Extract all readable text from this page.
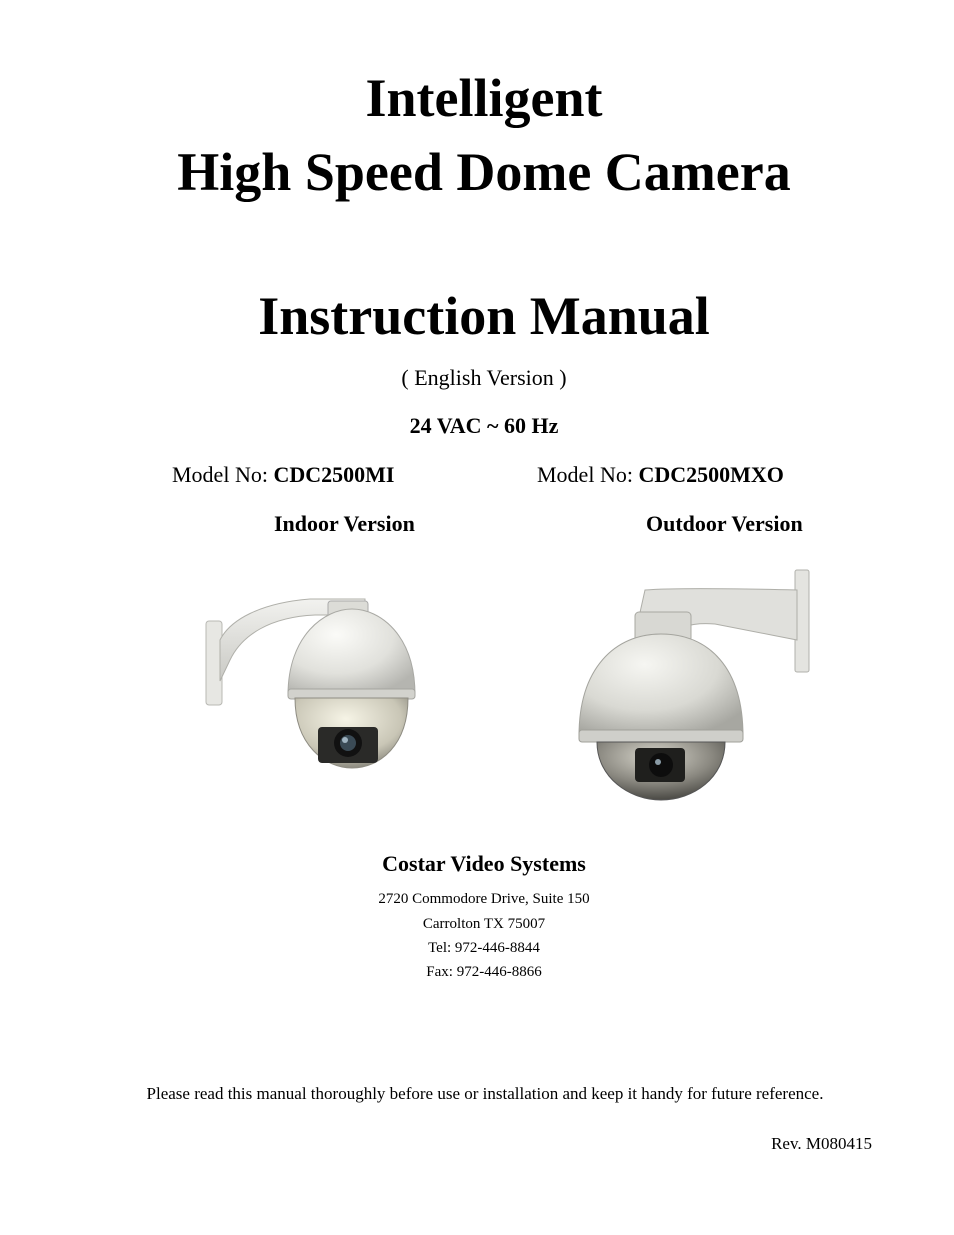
Intelligent
High Speed Dome Camera
Instruction Manual
( English Version )
24 VAC ~ 60 Hz
Model No: CDC2500MI	Model No: CDC2500MXO
Indoor Version	Outdoor Version
Costar Video Systems
2720 Commodore Drive, Suite 150
Carrolton TX 75007
Tel: 972-446-8844
Fax: 972-446-8866
Please read this manual thoroughly before use or installation and keep it handy for future reference.
Rev. M080415
